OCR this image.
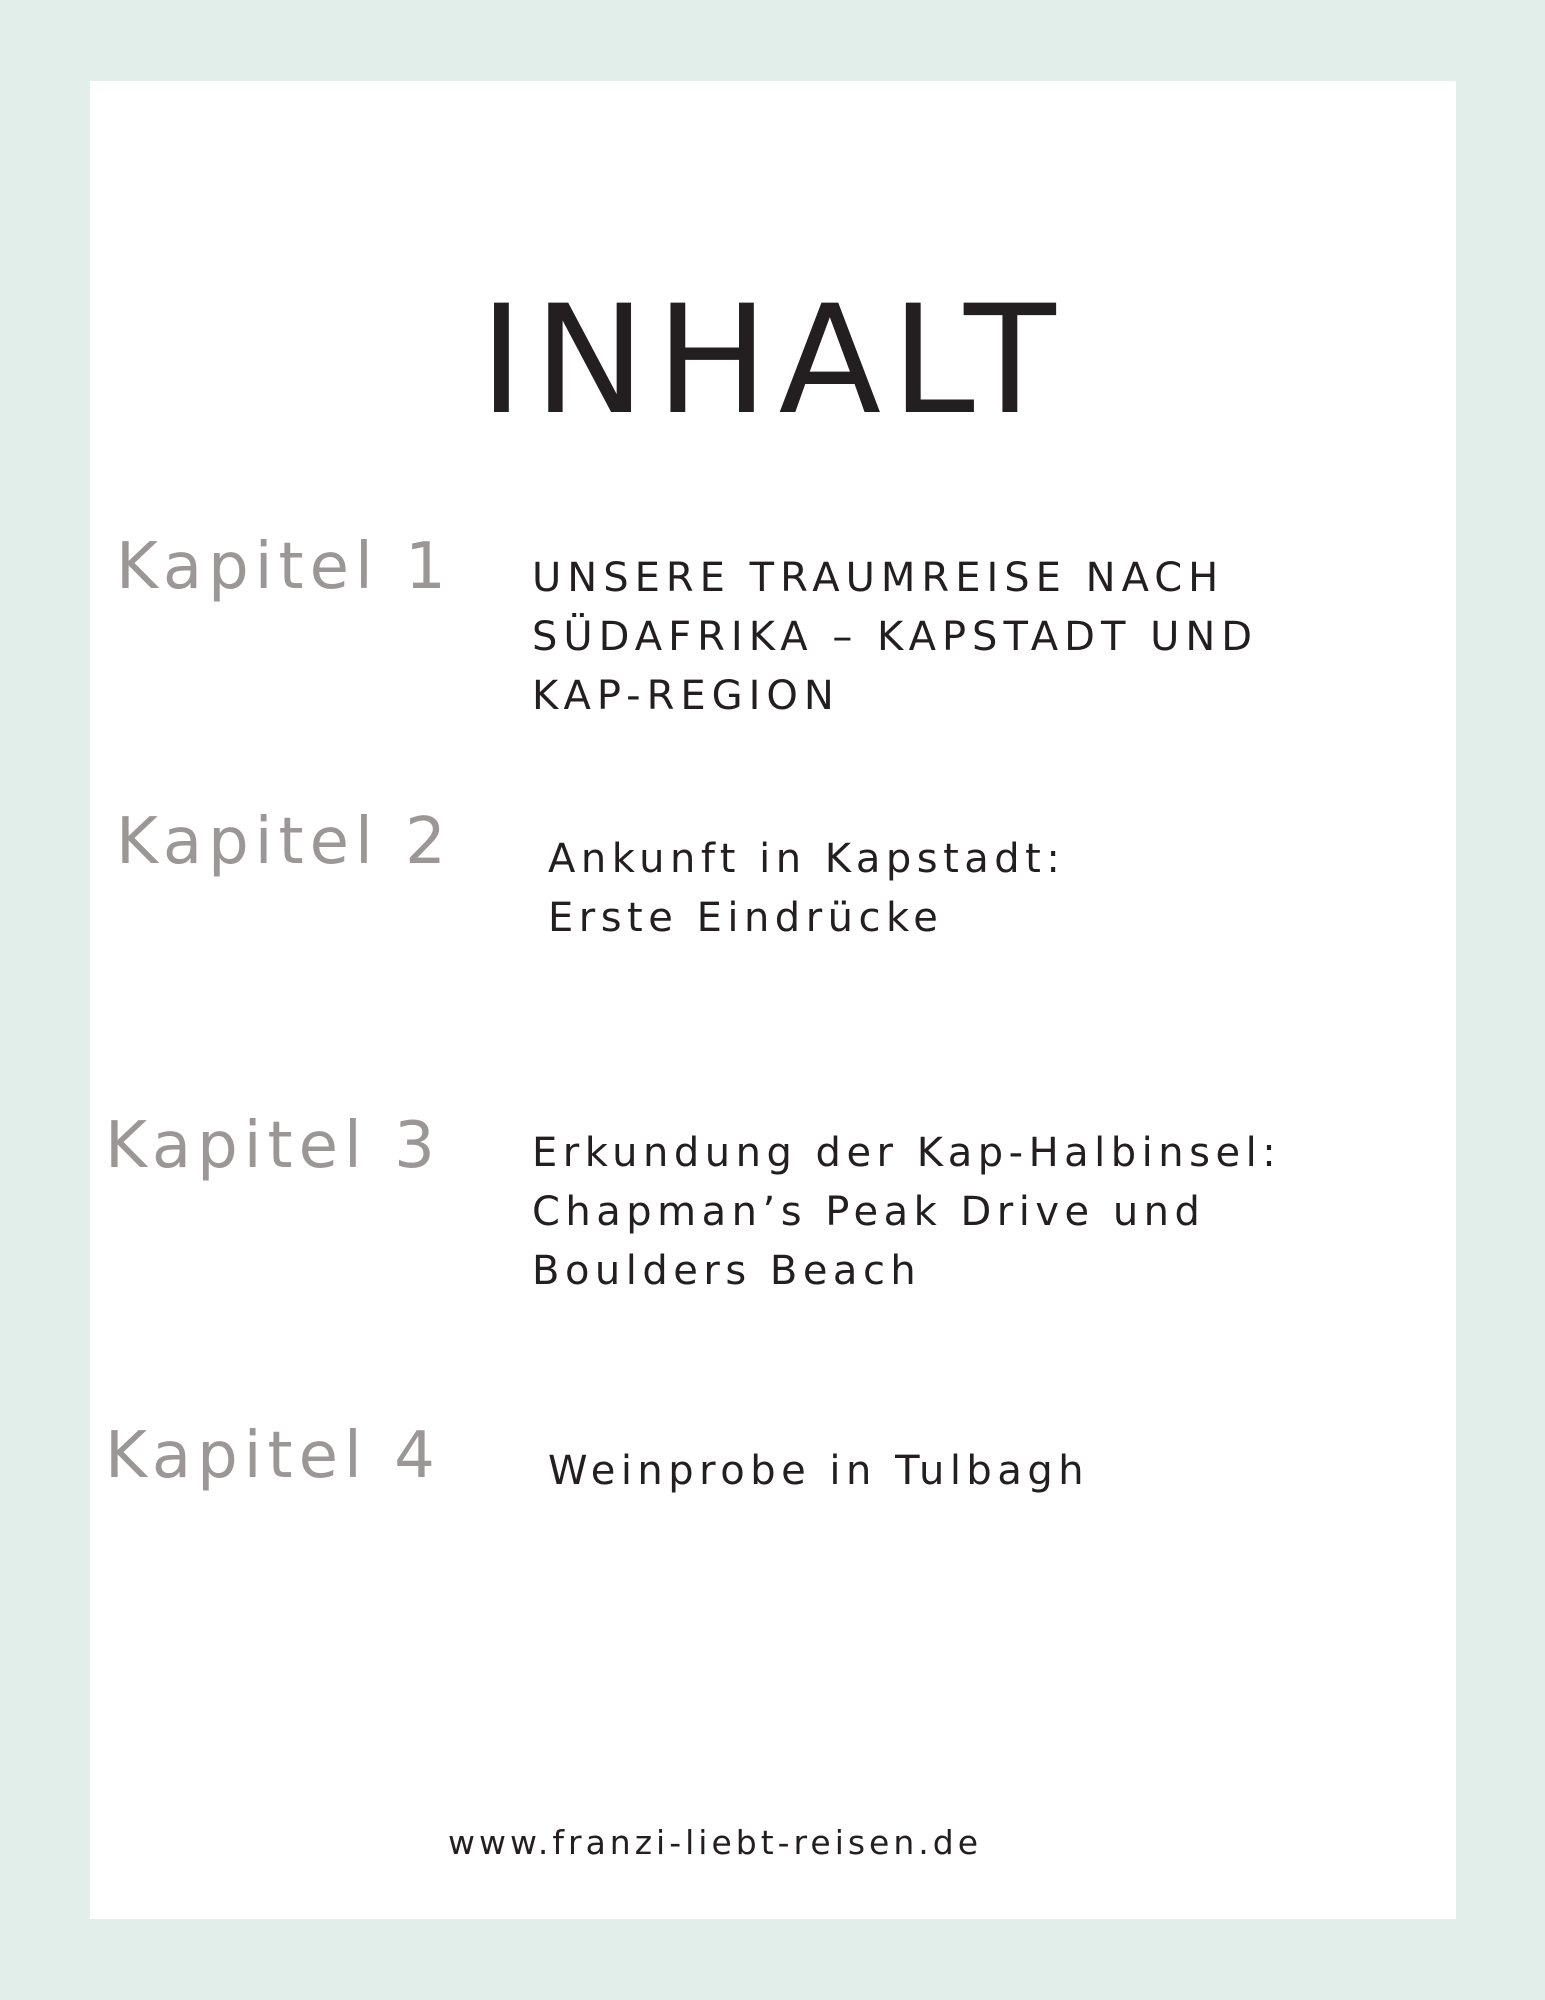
INHALT
Kapitel 1 UNSERE TRAUMREISE NACH
SÜDAFRIKA – KAPSTADT UND
KAP-REGION
Kapitel 2 Ankunft in Kapstadt:
Erste Eindrücke
Kapitel 3 Erkundung der Kap-Halbinsel:
Chapman’s Peak Drive und
Boulders Beach
Kapitel 4	Weinprobe in Tulbagh
www.franzi-liebt-reisen.de
